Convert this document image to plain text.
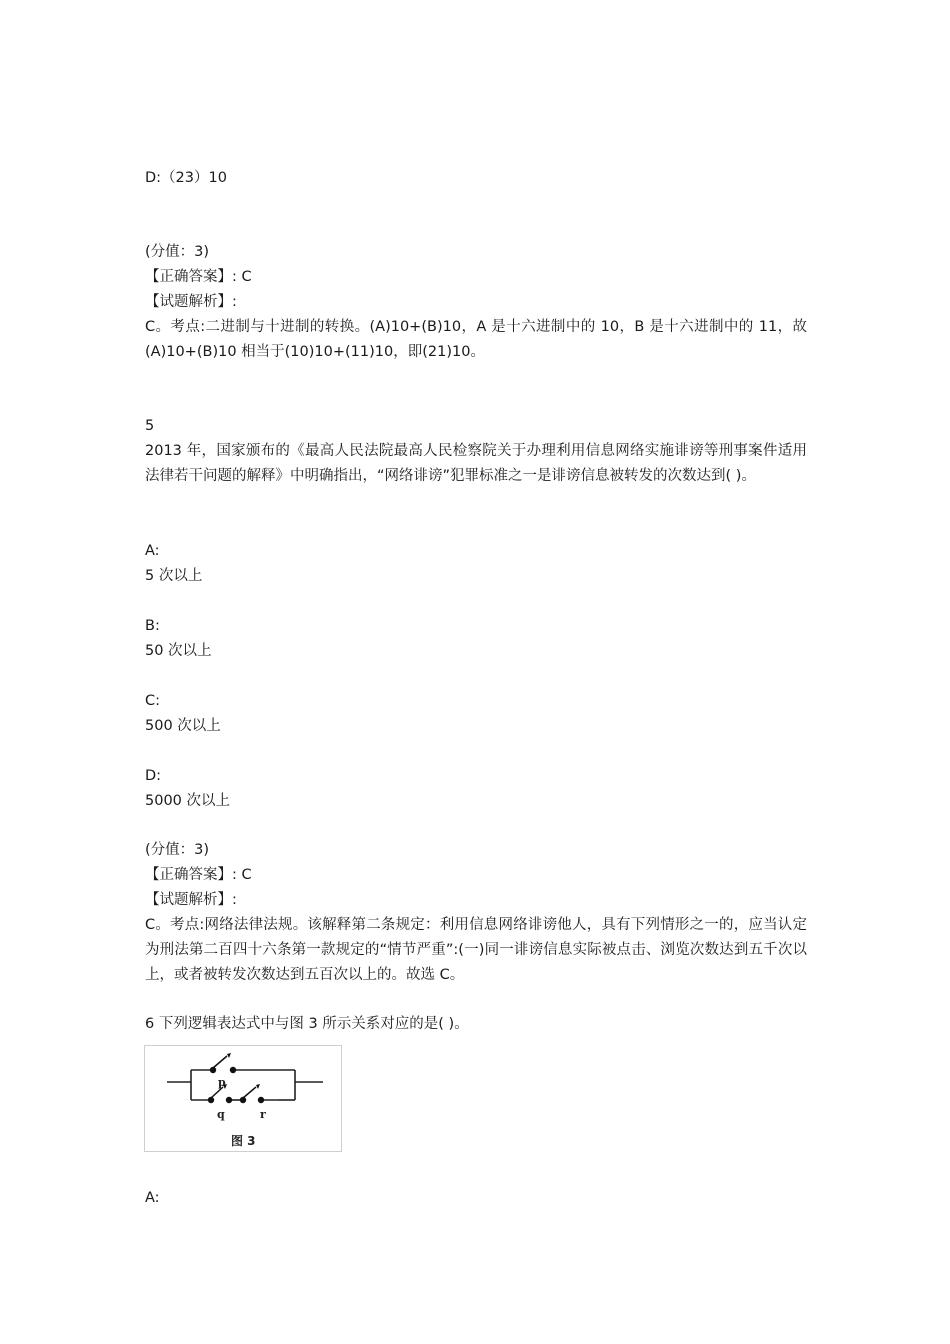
D:（23）10
(分值：3)
【正确答案】: C
【试题解析】:
C。考点:二进制与十进制的转换。(A)10+(B)10，A 是十六进制中的 10，B 是十六进制中的 11，故(A)10+(B)10 相当于(10)10+(11)10，即(21)10。
5
2013 年，国家颁布的《最高人民法院最高人民检察院关于办理利用信息网络实施诽谤等刑事案件适用法律若干问题的解释》中明确指出，“网络诽谤”犯罪标准之一是诽谤信息被转发的次数达到( )。
A:
5 次以上
B:
50 次以上
C:
500 次以上
D:
5000 次以上
(分值：3)
【正确答案】: C
【试题解析】:
C。考点:网络法律法规。该解释第二条规定：利用信息网络诽谤他人，具有下列情形之一的，应当认定为刑法第二百四十六条第一款规定的“情节严重”:(一)同一诽谤信息实际被点击、浏览次数达到五千次以上，或者被转发次数达到五百次以上的。故选 C。
6 下列逻辑表达式中与图 3 所示关系对应的是( )。
p
q	r
图 3
A:
